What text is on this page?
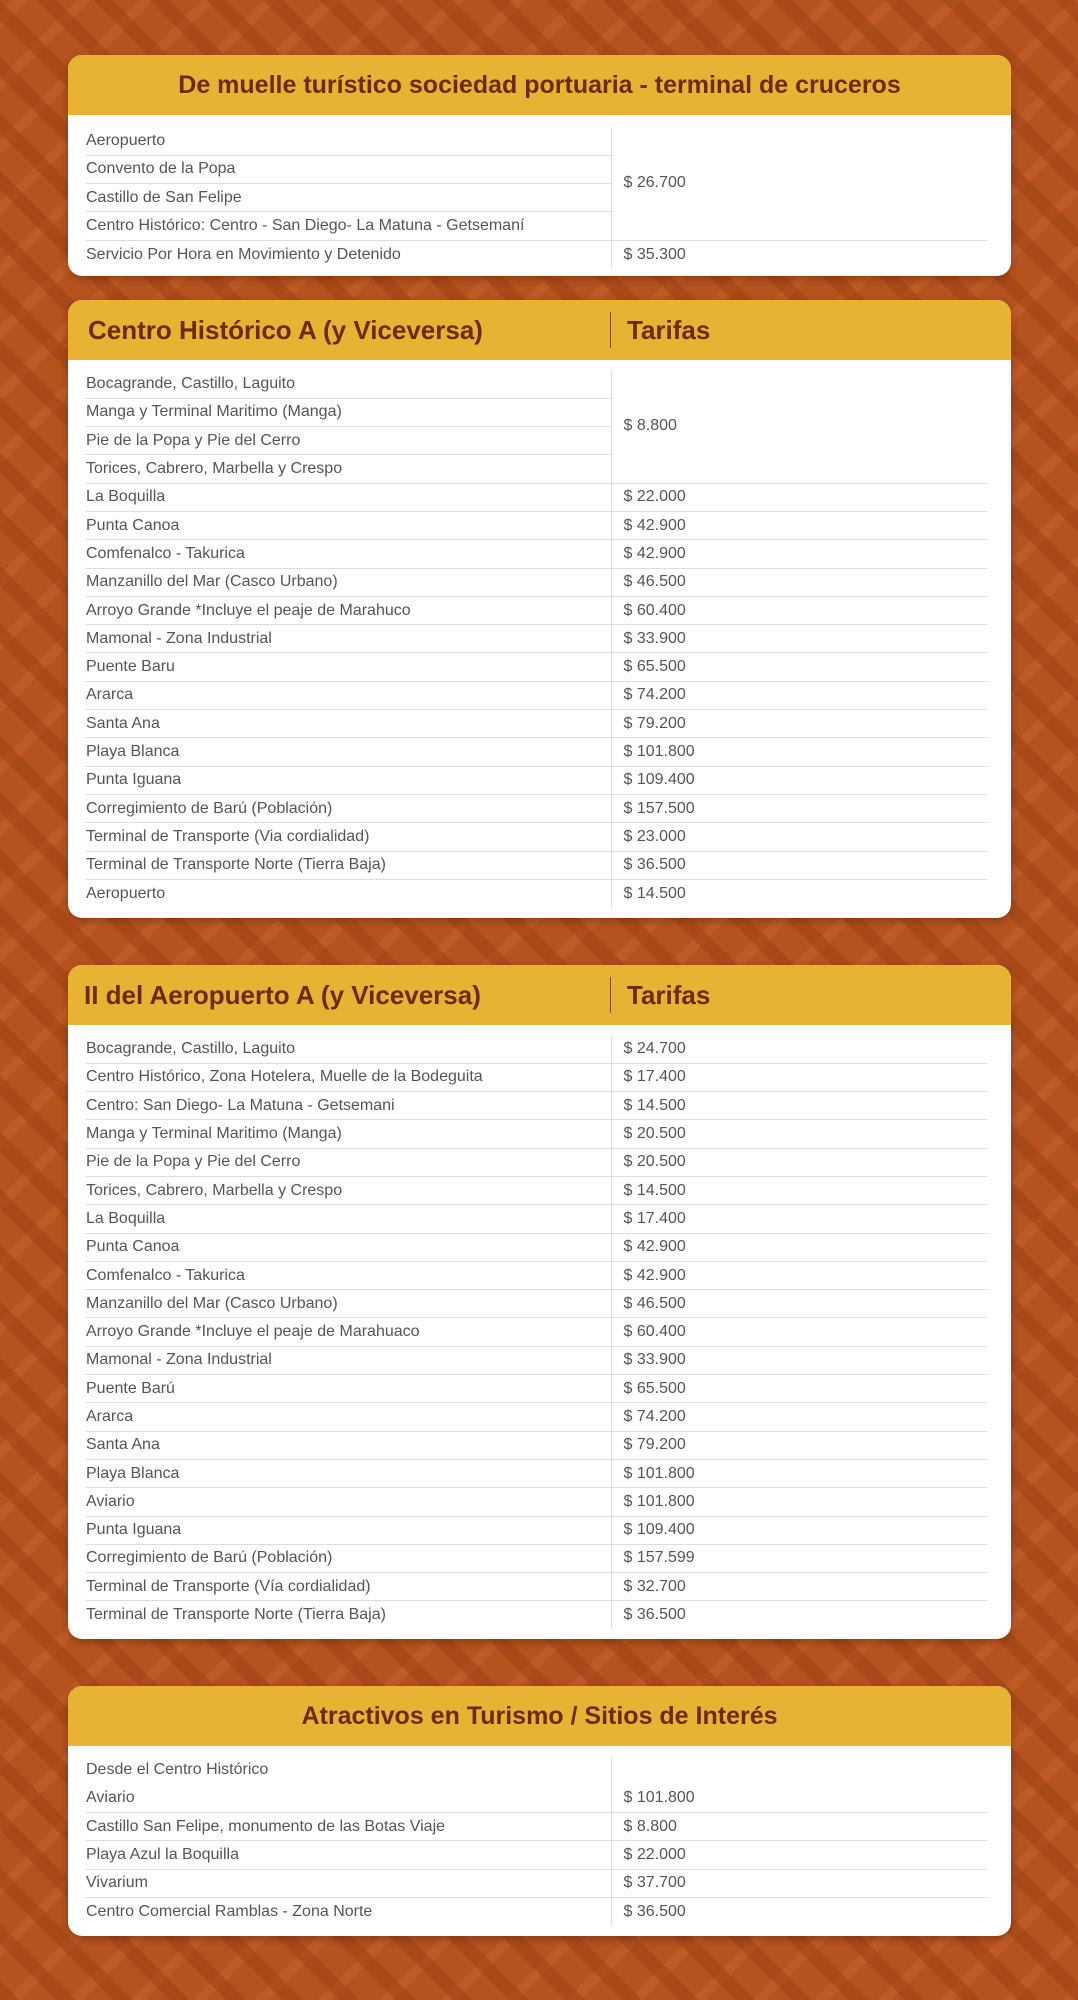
De muelle turístico sociedad portuaria - terminal de cruceros
Aeropuerto	$ 26.700
Convento de la Popa	
Castillo de San Felipe	
Centro Histórico: Centro - San Diego- La Matuna - Getsemaní	
Servicio Por Hora en Movimiento y Detenido	$ 35.300
Centro Histórico A (y Viceversa)	Tarifas
Bocagrande, Castillo, Laguito	$ 8.800
Manga y Terminal Maritimo (Manga)	
Pie de la Popa y Pie del Cerro	
Torices, Cabrero, Marbella y Crespo	
La Boquilla	$ 22.000
Punta Canoa	$ 42.900
Comfenalco - Takurica	$ 42.900
Manzanillo del Mar (Casco Urbano)	$ 46.500
Arroyo Grande *Incluye el peaje de Marahuco	$ 60.400
Mamonal - Zona Industrial	$ 33.900
Puente Baru	$ 65.500
Ararca	$ 74.200
Santa Ana	$ 79.200
Playa Blanca	$ 101.800
Punta Iguana	$ 109.400
Corregimiento de Barú (Población)	$ 157.500
Terminal de Transporte (Via cordialidad)	$ 23.000
Terminal de Transporte Norte (Tierra Baja)	$ 36.500
Aeropuerto	$ 14.500
II del Aeropuerto A (y Viceversa)	Tarifas
Bocagrande, Castillo, Laguito	$ 24.700
Centro Histórico, Zona Hotelera, Muelle de la Bodeguita	$ 17.400
Centro: San Diego- La Matuna - Getsemani	$ 14.500
Manga y Terminal Maritimo (Manga)	$ 20.500
Pie de la Popa y Pie del Cerro	$ 20.500
Torices, Cabrero, Marbella y Crespo	$ 14.500
La Boquilla	$ 17.400
Punta Canoa	$ 42.900
Comfenalco - Takurica	$ 42.900
Manzanillo del Mar (Casco Urbano)	$ 46.500
Arroyo Grande *Incluye el peaje de Marahuaco	$ 60.400
Mamonal - Zona Industrial	$ 33.900
Puente Barú	$ 65.500
Ararca	$ 74.200
Santa Ana	$ 79.200
Playa Blanca	$ 101.800
Aviario	$ 101.800
Punta Iguana	$ 109.400
Corregimiento de Barú (Población)	$ 157.599
Terminal de Transporte (Vía cordialidad)	$ 32.700
Terminal de Transporte Norte (Tierra Baja)	$ 36.500
Atractivos en Turismo / Sitios de Interés
Desde el Centro Histórico	
Aviario	$ 101.800
Castillo San Felipe, monumento de las Botas Viaje	$ 8.800
Playa Azul la Boquilla	$ 22.000
Vivarium	$ 37.700
Centro Comercial Ramblas - Zona Norte	$ 36.500
